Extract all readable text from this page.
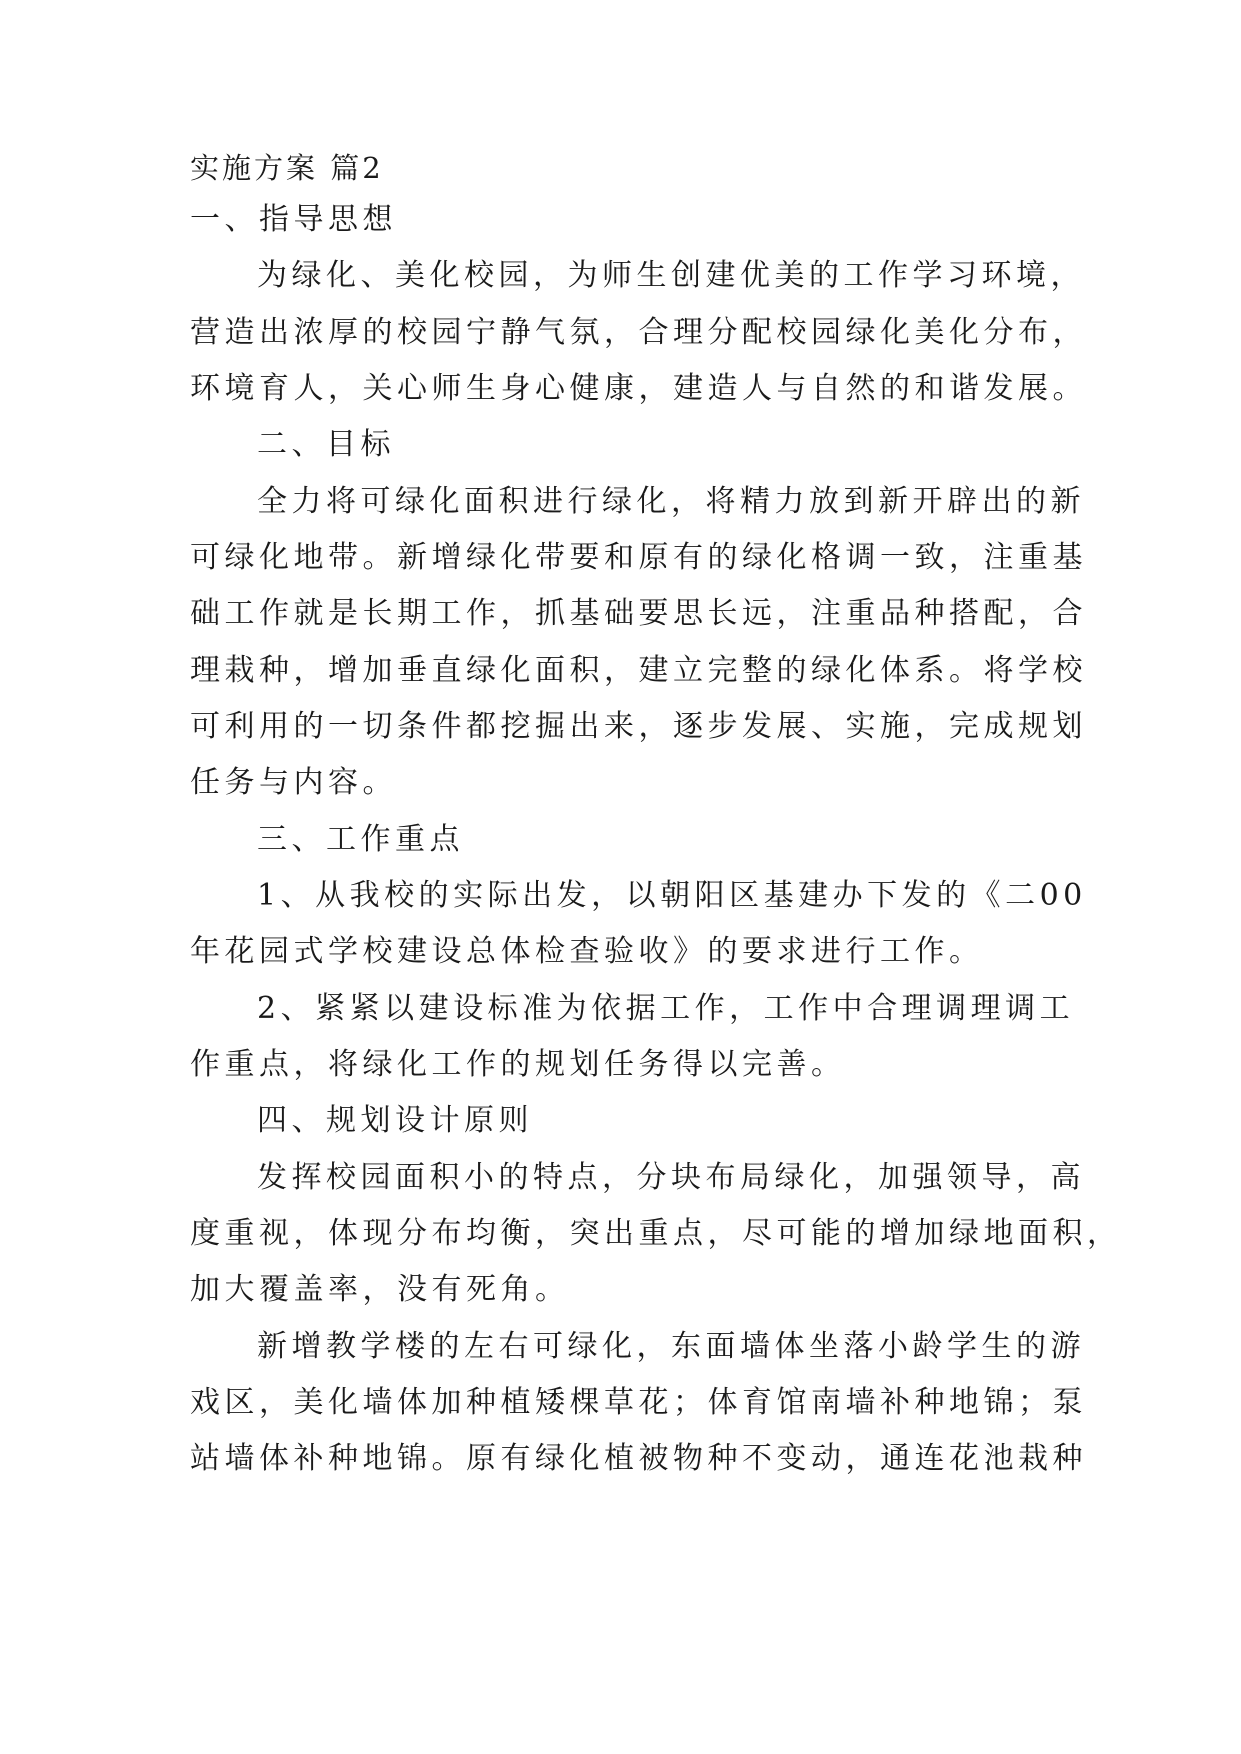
实施方案 篇2

一、指导思想

为绿化、美化校园，为师生创建优美的工作学习环境，

营造出浓厚的校园宁静气氛，合理分配校园绿化美化分布，

环境育人，关心师生身心健康，建造人与自然的和谐发展。

二、目标

全力将可绿化面积进行绿化，将精力放到新开辟出的新

可绿化地带。新增绿化带要和原有的绿化格调一致，注重基

础工作就是长期工作，抓基础要思长远，注重品种搭配，合

理栽种，增加垂直绿化面积，建立完整的绿化体系。将学校

可利用的一切条件都挖掘出来，逐步发展、实施，完成规划

任务与内容。

三、工作重点

1、从我校的实际出发，以朝阳区基建办下发的《二00

年花园式学校建设总体检查验收》的要求进行工作。

2、紧紧以建设标准为依据工作，工作中合理调理调工

作重点，将绿化工作的规划任务得以完善。

四、规划设计原则

发挥校园面积小的特点，分块布局绿化，加强领导，高

度重视，体现分布均衡，突出重点，尽可能的增加绿地面积，

加大覆盖率，没有死角。

新增教学楼的左右可绿化，东面墙体坐落小龄学生的游

戏区，美化墙体加种植矮棵草花；体育馆南墙补种地锦；泵

站墙体补种地锦。原有绿化植被物种不变动，通连花池栽种
